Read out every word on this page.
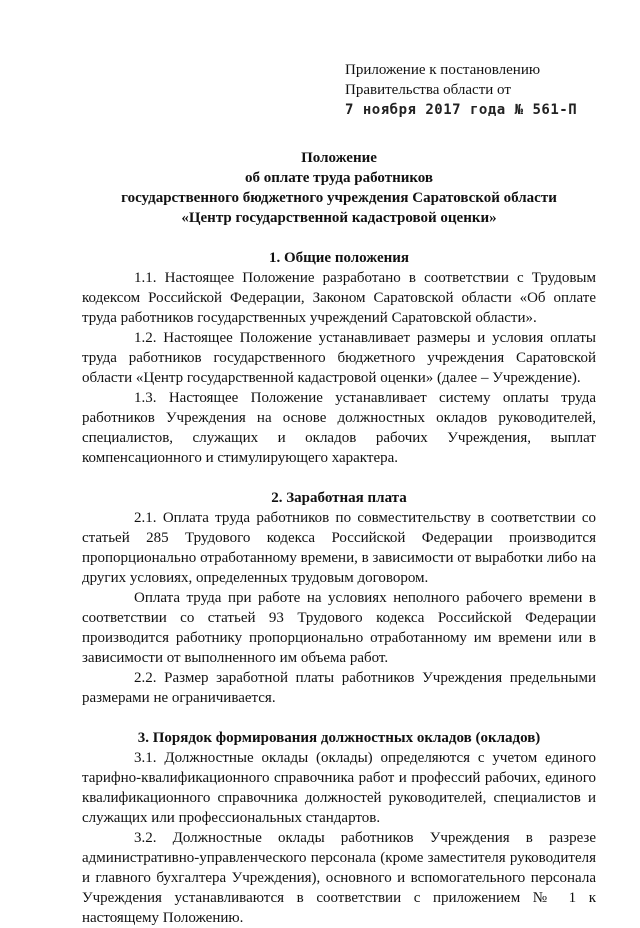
Приложение к постановлению
Правительства области от
7 ноября 2017 года № 561-П
Положение
об оплате труда работников
государственного бюджетного учреждения Саратовской области
«Центр государственной кадастровой оценки»
1. Общие положения

1.1. Настоящее Положение разработано в соответствии с Трудовым кодексом Российской Федерации, Законом Саратовской области «Об оплате труда работников государственных учреждений Саратовской области».

1.2. Настоящее Положение устанавливает размеры и условия оплаты труда работников государственного бюджетного учреждения Саратовской области «Центр государственной кадастровой оценки» (далее – Учреждение).

1.3. Настоящее Положение устанавливает систему оплаты труда работников Учреждения на основе должностных окладов руководителей, специалистов, служащих и окладов рабочих Учреждения, выплат компенсационного и стимулирующего характера.

2. Заработная плата

2.1. Оплата труда работников по совместительству в соответствии со статьей 285 Трудового кодекса Российской Федерации производится пропорционально отработанному времени, в зависимости от выработки либо на других условиях, определенных трудовым договором.

Оплата труда при работе на условиях неполного рабочего времени в соответствии со статьей 93 Трудового кодекса Российской Федерации производится работнику пропорционально отработанному им времени или в зависимости от выполненного им объема работ.

2.2. Размер заработной платы работников Учреждения предельными размерами не ограничивается.

3. Порядок формирования должностных окладов (окладов)

3.1. Должностные оклады (оклады) определяются с учетом единого тарифно-квалификационного справочника работ и профессий рабочих, единого квалификационного справочника должностей руководителей, специалистов и служащих или профессиональных стандартов.

3.2. Должностные оклады работников Учреждения в разрезе административно-управленческого персонала (кроме заместителя руководителя и главного бухгалтера Учреждения), основного и вспомогательного персонала Учреждения устанавливаются в соответствии с приложением № 1 к настоящему Положению.
